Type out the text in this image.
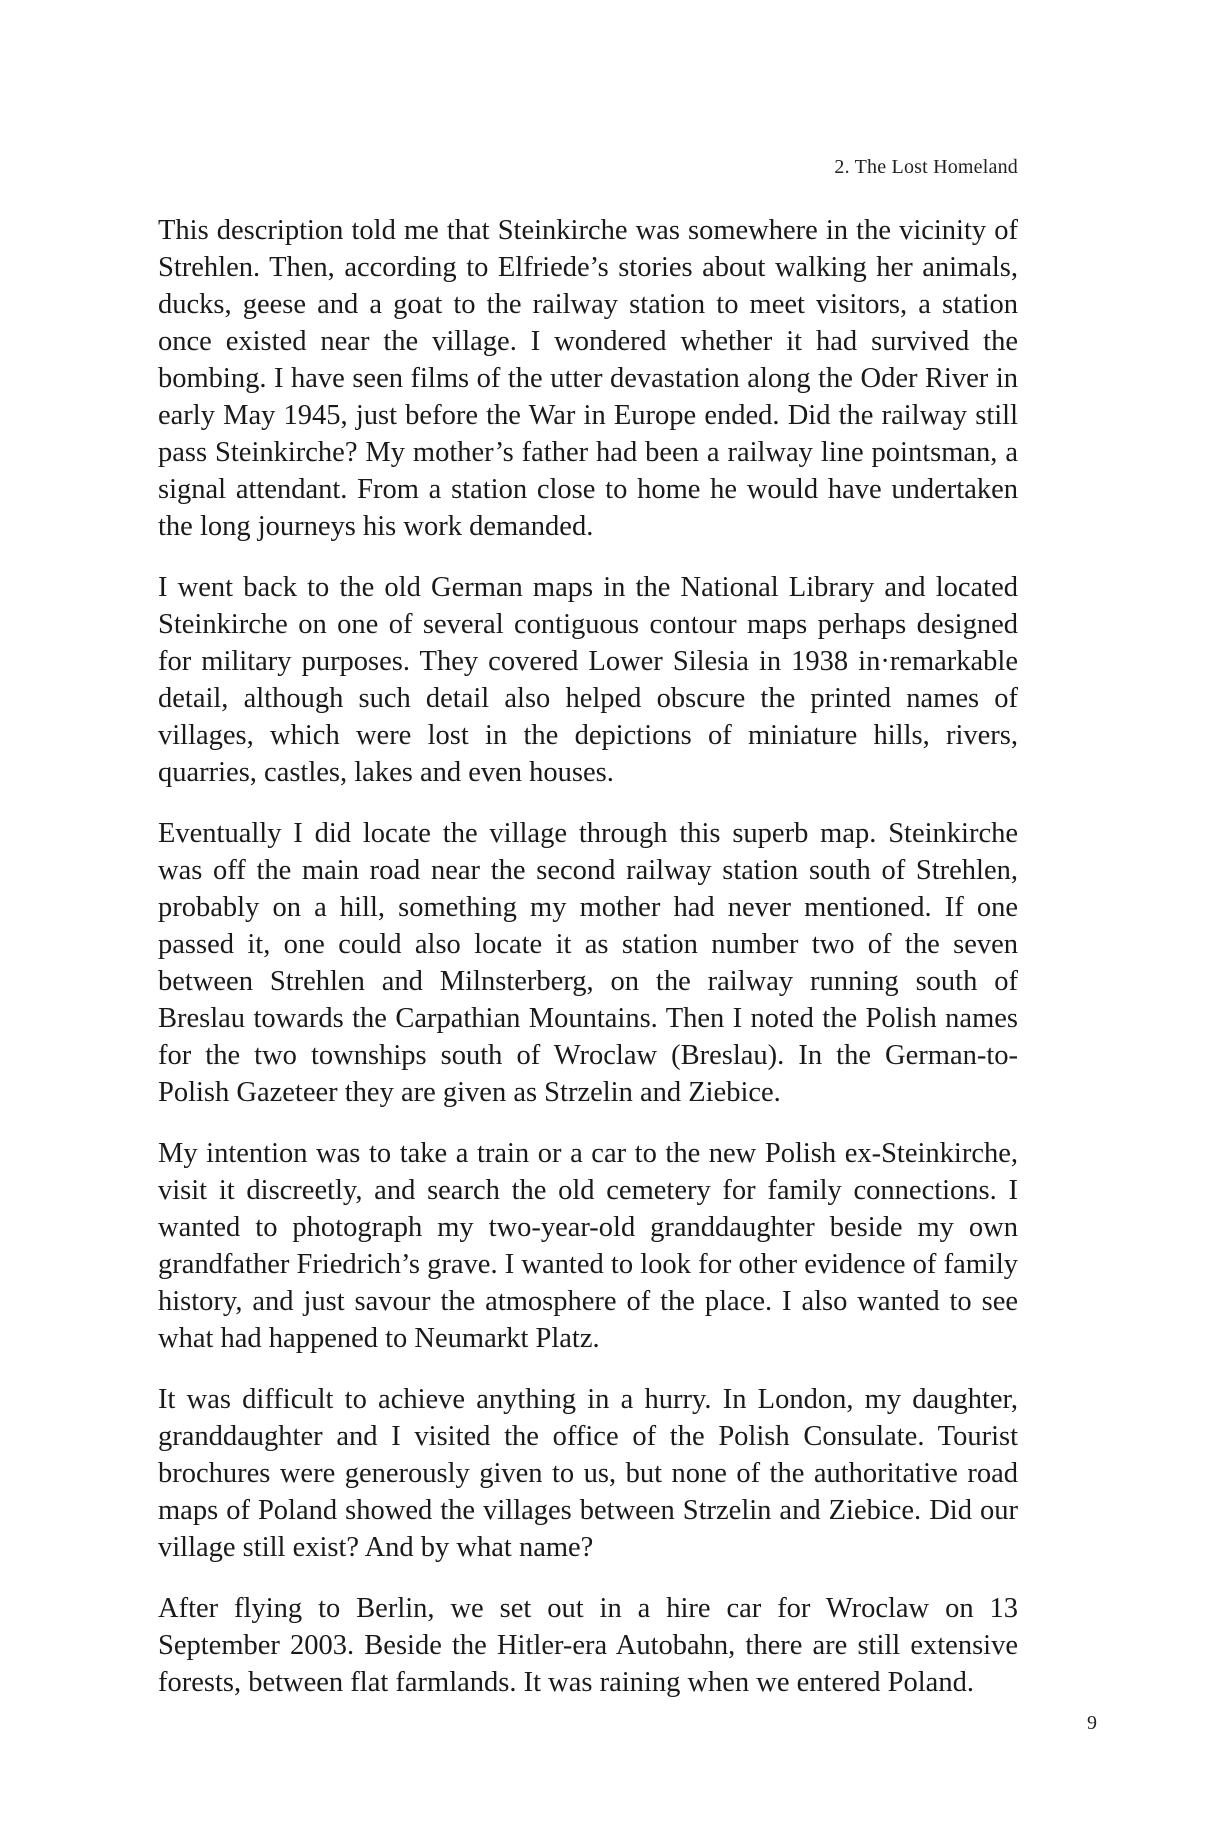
2. The Lost Homeland

This description told me that Steinkirche was somewhere in the vicinity of Strehlen. Then, according to Elfriede’s stories about walking her animals, ducks, geese and a goat to the railway station to meet visitors, a station once existed near the village. I wondered whether it had survived the bombing. I have seen films of the utter devastation along the Oder River in early May 1945, just before the War in Europe ended. Did the railway still pass Steinkirche? My mother’s father had been a railway line pointsman, a signal attendant. From a station close to home he would have undertaken the long journeys his work demanded.

I went back to the old German maps in the National Library and located Steinkirche on one of several contiguous contour maps perhaps designed for military purposes. They covered Lower Silesia in 1938 in·remarkable detail, although such detail also helped obscure the printed names of villages, which were lost in the depictions of miniature hills, rivers, quarries, castles, lakes and even houses.

Eventually I did locate the village through this superb map. Steinkirche was off the main road near the second railway station south of Strehlen, probably on a hill, something my mother had never mentioned. If one passed it, one could also locate it as station number two of the seven between Strehlen and Milnsterberg, on the railway running south of Breslau towards the Carpathian Mountains. Then I noted the Polish names for the two townships south of Wroclaw (Breslau). In the German-to-Polish Gazeteer they are given as Strzelin and Ziebice.

My intention was to take a train or a car to the new Polish ex-Steinkirche, visit it discreetly, and search the old cemetery for family connections. I wanted to photograph my two-year-old granddaughter beside my own grandfather Friedrich’s grave. I wanted to look for other evidence of family history, and just savour the atmosphere of the place. I also wanted to see what had happened to Neumarkt Platz.

It was difficult to achieve anything in a hurry. In London, my daughter, granddaughter and I visited the office of the Polish Consulate. Tourist brochures were generously given to us, but none of the authoritative road maps of Poland showed the villages between Strzelin and Ziebice. Did our village still exist? And by what name?

After flying to Berlin, we set out in a hire car for Wroclaw on 13 September 2003. Beside the Hitler-era Autobahn, there are still extensive forests, between flat farmlands. It was raining when we entered Poland.

9
